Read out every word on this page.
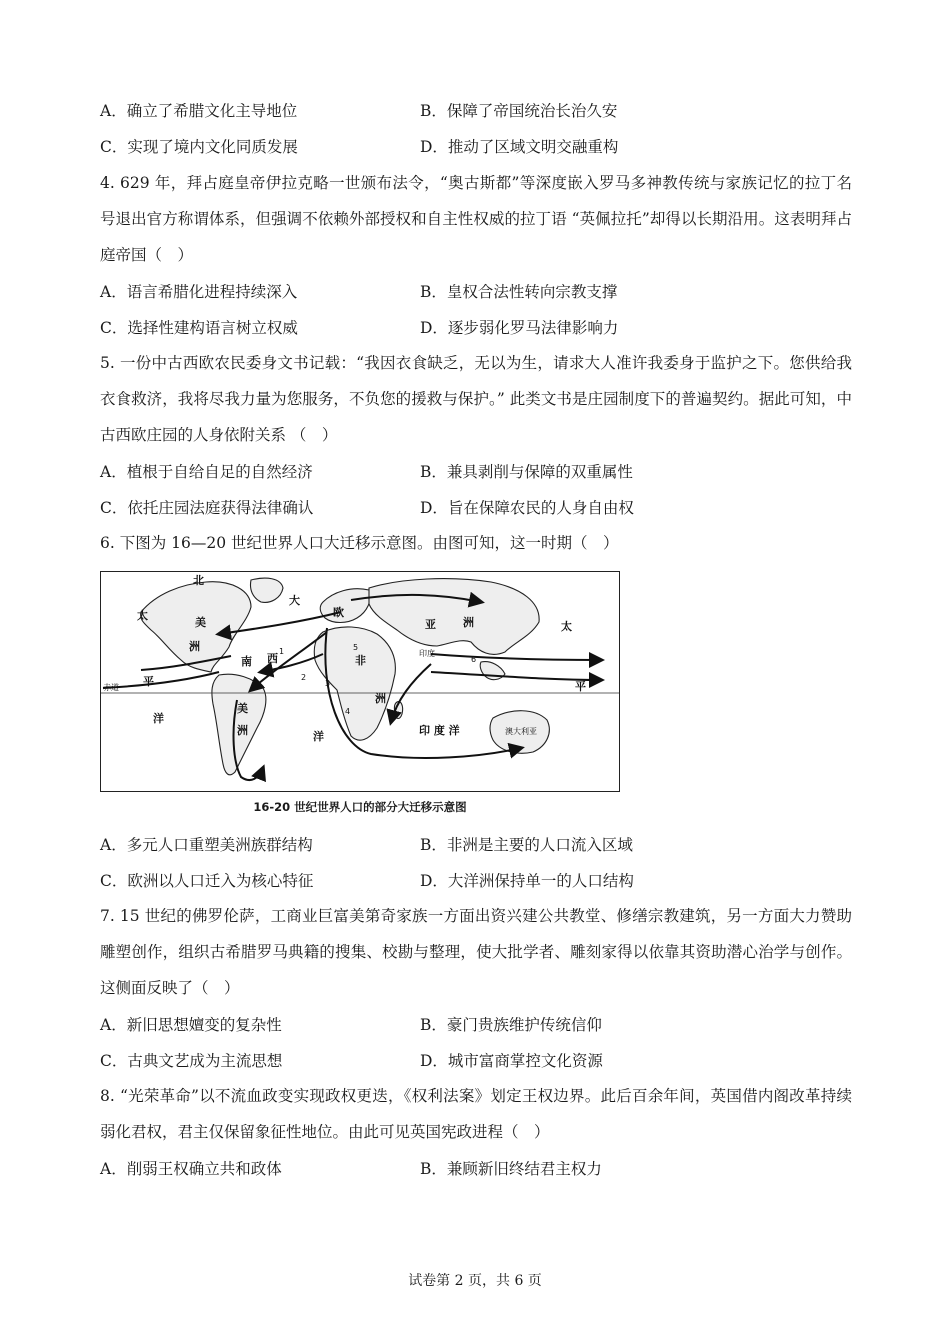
A．确立了希腊文化主导地位	B．保障了帝国统治长治久安
C．实现了境内文化同质发展	D．推动了区域文明交融重构
4. 629 年，拜占庭皇帝伊拉克略一世颁布法令，“奥古斯都”等深度嵌入罗马多神教传统与家族记忆的拉丁名号退出官方称谓体系，但强调不依赖外部授权和自主性权威的拉丁语 “英佩拉托”却得以长期沿用。这表明拜占庭帝国（　）
A．语言希腊化进程持续深入	B．皇权合法性转向宗教支撑
C．选择性建构语言树立权威	D．逐步弱化罗马法律影响力
5. 一份中古西欧农民委身文书记载：“我因衣食缺乏，无以为生，请求大人准许我委身于监护之下。您供给我衣食救济，我将尽我力量为您服务，不负您的援救与保护。” 此类文书是庄园制度下的普遍契约。据此可知，中古西欧庄园的人身依附关系 （　）
A．植根于自给自足的自然经济	B．兼具剥削与保障的双重属性
C．依托庄园法庭获得法律确认	D．旨在保障农民的人身自由权
6. 下图为 16—20 世纪世界人口大迁移示意图。由图可知，这一时期（　）
北
大
太
美
洲
平
南
美
洲
洋
欧
西
亚 洲
非
洲
洋	印 度 洋
太
平
澳大利亚
赤道
印度
1
2
3
4
5
6
16-20 世纪世界人口的部分大迁移示意图
A．多元人口重塑美洲族群结构	B．非洲是主要的人口流入区域
C．欧洲以人口迁入为核心特征	D．大洋洲保持单一的人口结构
7. 15 世纪的佛罗伦萨，工商业巨富美第奇家族一方面出资兴建公共教堂、修缮宗教建筑，另一方面大力赞助雕塑创作，组织古希腊罗马典籍的搜集、校勘与整理，使大批学者、雕刻家得以依靠其资助潜心治学与创作。这侧面反映了（　）
A．新旧思想嬗变的复杂性	B．豪门贵族维护传统信仰
C．古典文艺成为主流思想	D．城市富商掌控文化资源
8. “光荣革命”以不流血政变实现政权更迭，《权利法案》划定王权边界。此后百余年间，英国借内阁改革持续弱化君权，君主仅保留象征性地位。由此可见英国宪政进程（　）
A．削弱王权确立共和政体	B．兼顾新旧终结君主权力
试卷第 2 页，共 6 页
